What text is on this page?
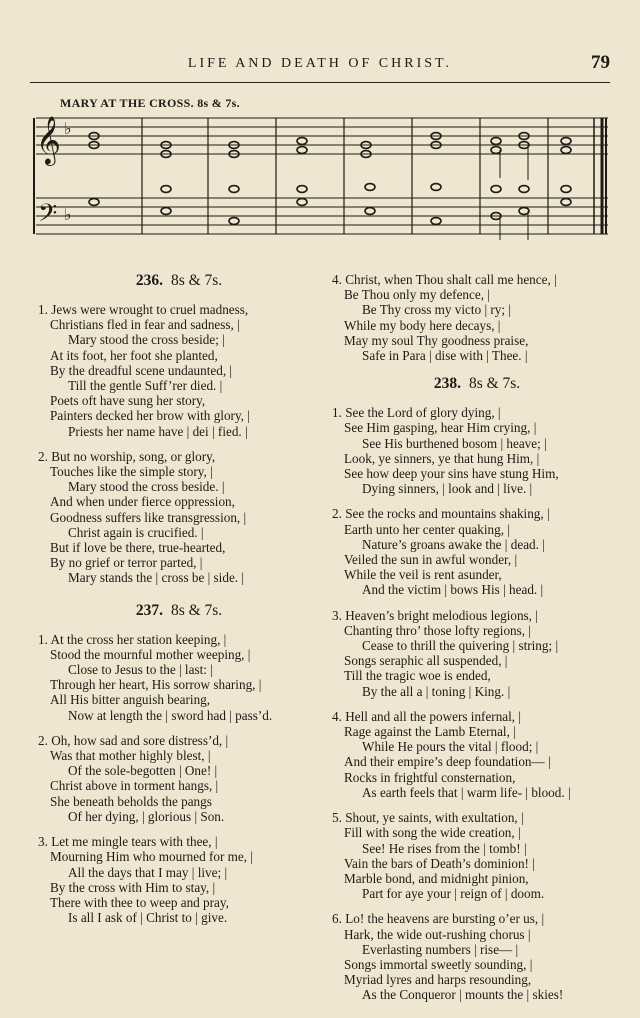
LIFE AND DEATH OF CHRIST.	79
MARY AT THE CROSS. 8s & 7s.
𝄞
𝄢
♭
♭
236. 8s & 7s.
1. Jews were wrought to cruel madness,
Christians fled in fear and sadness, |
Mary stood the cross beside; |
At its foot, her foot she planted,
By the dreadful scene undaunted, |
Till the gentle Suff’rer died. |
Poets oft have sung her story,
Painters decked her brow with glory, |
Priests her name have | dei | fied. |
2. But no worship, song, or glory,
Touches like the simple story, |
Mary stood the cross beside. |
And when under fierce oppression,
Goodness suffers like transgression, |
Christ again is crucified. |
But if love be there, true-hearted,
By no grief or terror parted, |
Mary stands the | cross be | side. |
237. 8s & 7s.
1. At the cross her station keeping, |
Stood the mournful mother weeping, |
Close to Jesus to the | last: |
Through her heart, His sorrow sharing, |
All His bitter anguish bearing,
Now at length the | sword had | pass’d.
2. Oh, how sad and sore distress’d, |
Was that mother highly blest, |
Of the sole-begotten | One! |
Christ above in torment hangs, |
She beneath beholds the pangs
Of her dying, | glorious | Son.
3. Let me mingle tears with thee, |
Mourning Him who mourned for me, |
All the days that I may | live; |
By the cross with Him to stay, |
There with thee to weep and pray,
Is all I ask of | Christ to | give.
4. Christ, when Thou shalt call me hence, |
Be Thou only my defence, |
Be Thy cross my victo | ry; |
While my body here decays, |
May my soul Thy goodness praise,
Safe in Para | dise with | Thee. |
238. 8s & 7s.
1. See the Lord of glory dying, |
See Him gasping, hear Him crying, |
See His burthened bosom | heave; |
Look, ye sinners, ye that hung Him, |
See how deep your sins have stung Him,
Dying sinners, | look and | live. |
2. See the rocks and mountains shaking, |
Earth unto her center quaking, |
Nature’s groans awake the | dead. |
Veiled the sun in awful wonder, |
While the veil is rent asunder,
And the victim | bows His | head. |
3. Heaven’s bright melodious legions, |
Chanting thro’ those lofty regions, |
Cease to thrill the quivering | string; |
Songs seraphic all suspended, |
Till the tragic woe is ended,
By the all a | toning | King. |
4. Hell and all the powers infernal, |
Rage against the Lamb Eternal, |
While He pours the vital | flood; |
And their empire’s deep foundation— |
Rocks in frightful consternation,
As earth feels that | warm life- | blood. |
5. Shout, ye saints, with exultation, |
Fill with song the wide creation, |
See! He rises from the | tomb! |
Vain the bars of Death’s dominion! |
Marble bond, and midnight pinion,
Part for aye your | reign of | doom.
6. Lo! the heavens are bursting o’er us, |
Hark, the wide out-rushing chorus |
Everlasting numbers | rise— |
Songs immortal sweetly sounding, |
Myriad lyres and harps resounding,
As the Conqueror | mounts the | skies!
